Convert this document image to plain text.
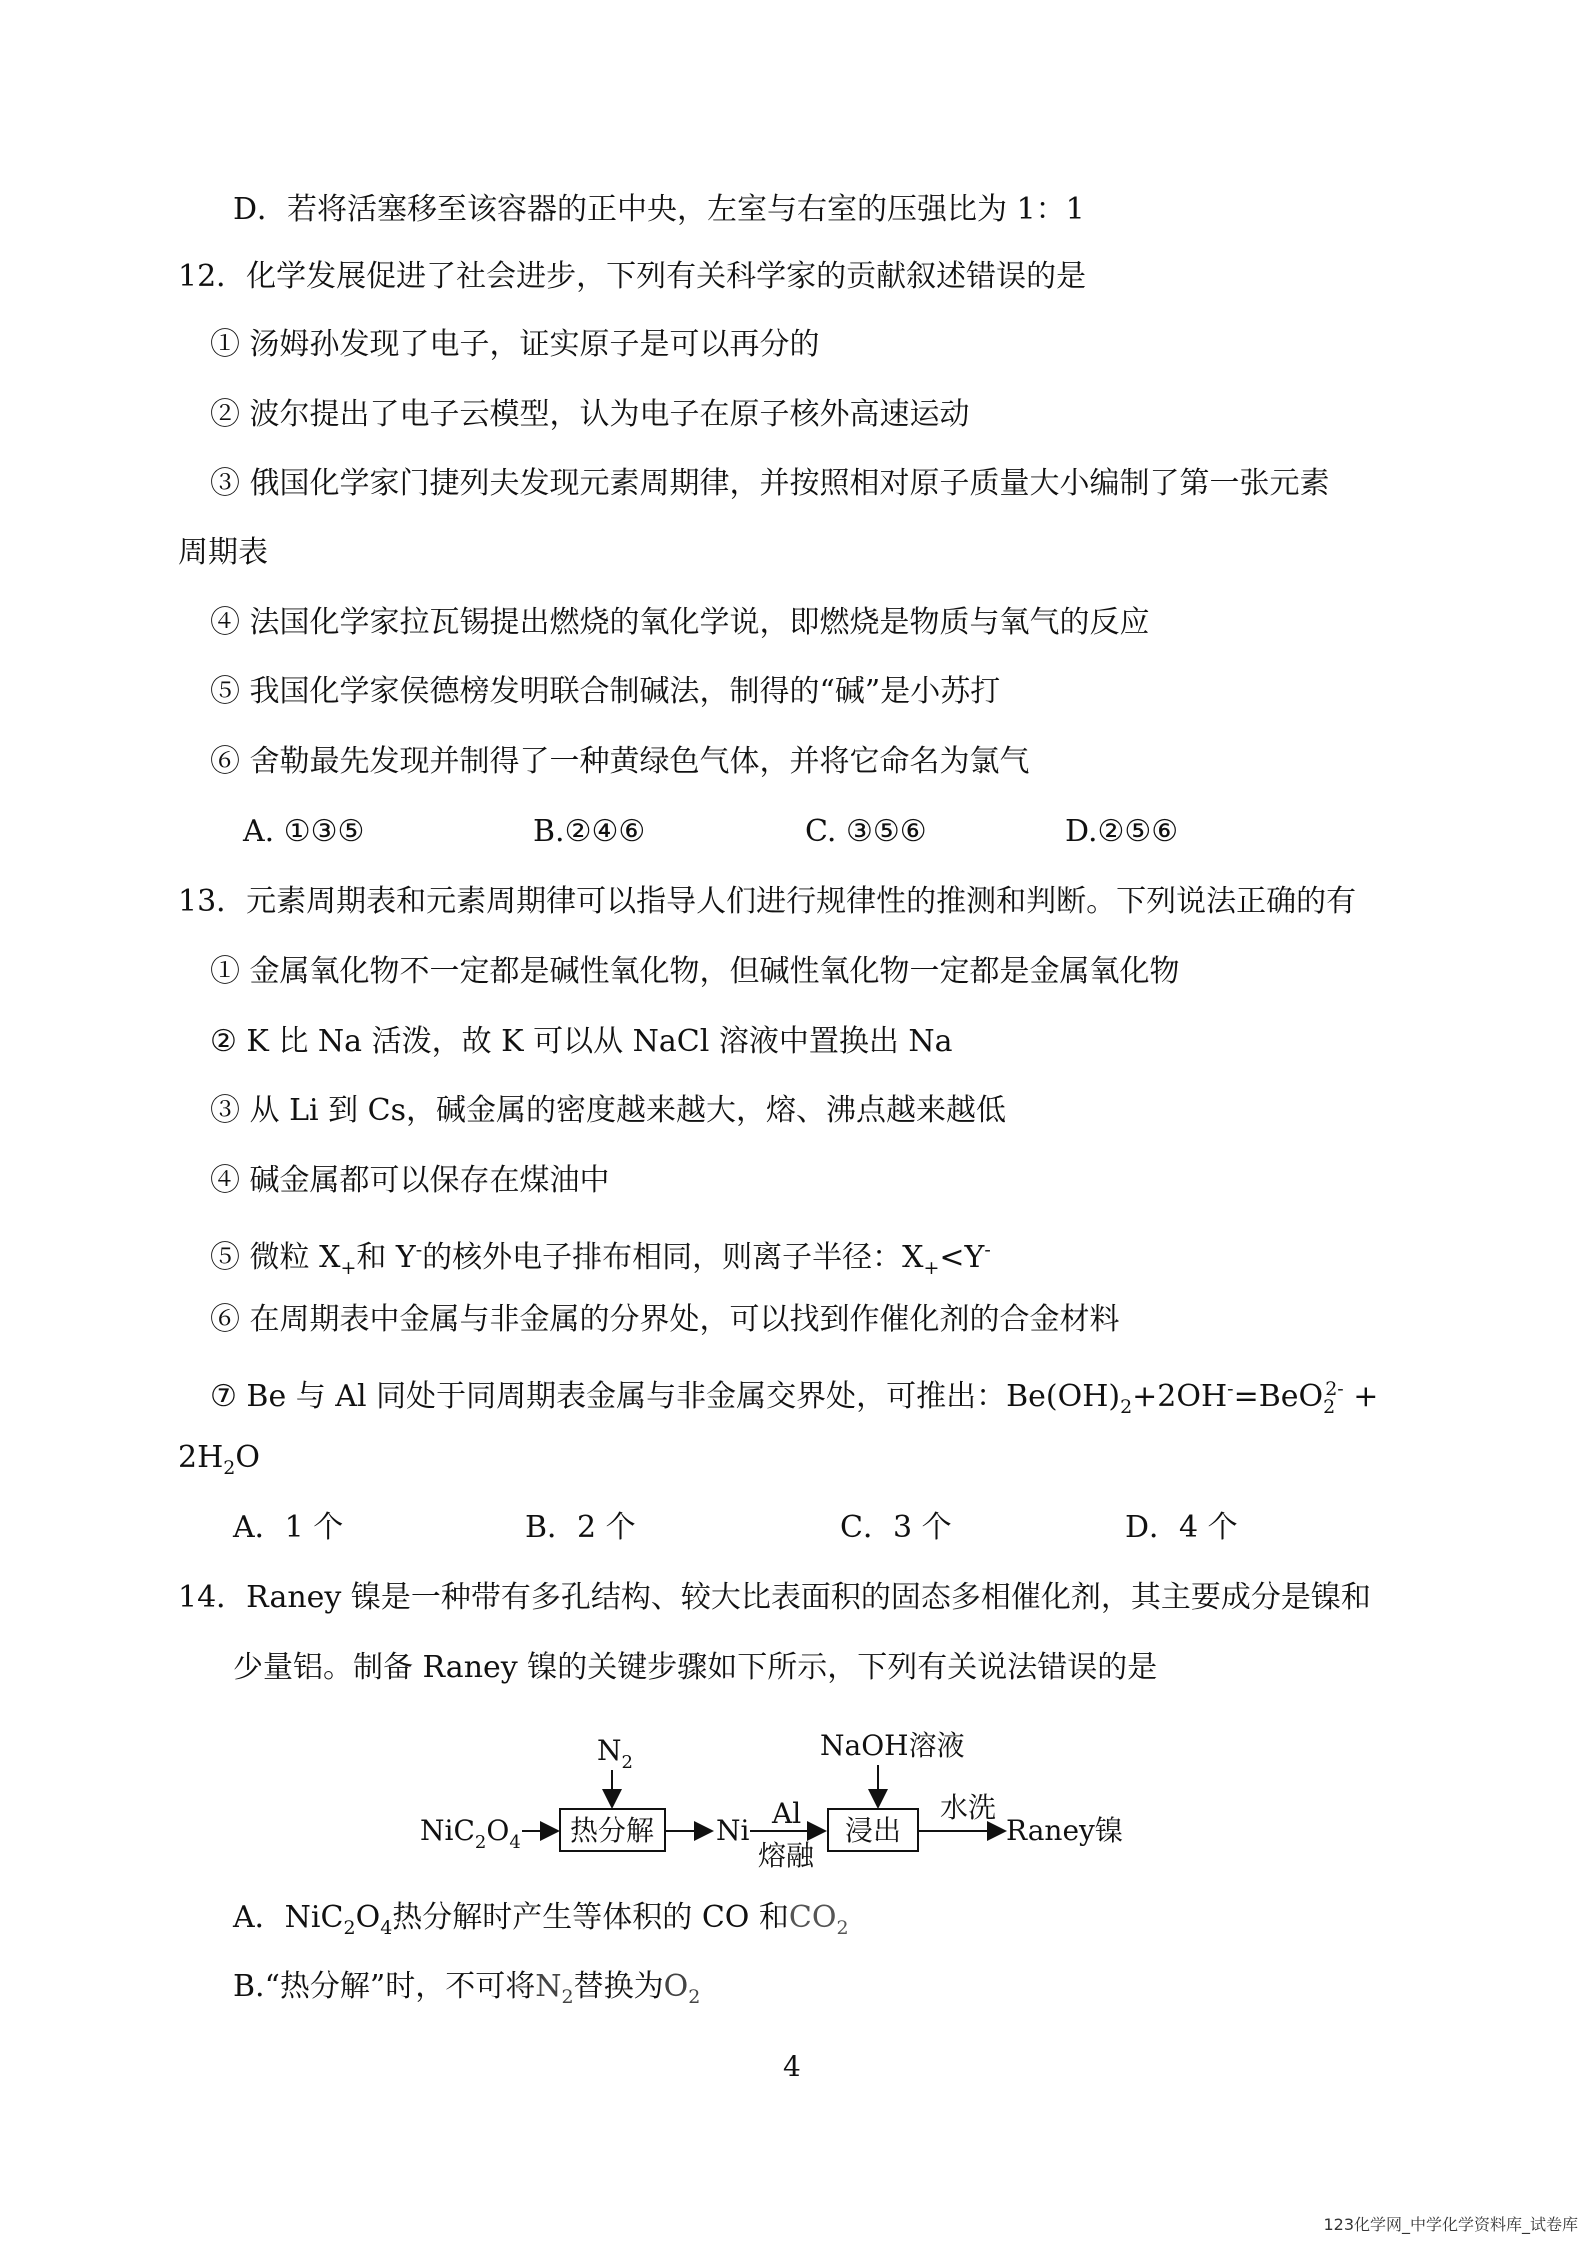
D．若将活塞移至该容器的正中央，左室与右室的压强比为 1：1
12．化学发展促进了社会进步，下列有关科学家的贡献叙述错误的是
① 汤姆孙发现了电子，证实原子是可以再分的
② 波尔提出了电子云模型，认为电子在原子核外高速运动
③ 俄国化学家门捷列夫发现元素周期律，并按照相对原子质量大小编制了第一张元素
周期表
④ 法国化学家拉瓦锡提出燃烧的氧化学说，即燃烧是物质与氧气的反应
⑤ 我国化学家侯德榜发明联合制碱法，制得的“碱”是小苏打
⑥ 舍勒最先发现并制得了一种黄绿色气体，并将它命名为氯气
A. ①③⑤	B.②④⑥	C. ③⑤⑥	D.②⑤⑥
13．元素周期表和元素周期律可以指导人们进行规律性的推测和判断。下列说法正确的有
① 金属氧化物不一定都是碱性氧化物，但碱性氧化物一定都是金属氧化物
② K 比 Na 活泼，故 K 可以从 NaCl 溶液中置换出 Na
③ 从 Li 到 Cs，碱金属的密度越来越大，熔、沸点越来越低
④ 碱金属都可以保存在煤油中
⑤ 微粒 $X_+$和 Y-的核外电子排布相同，则离子半径：$X_+<Y^-$
⑥ 在周期表中金属与非金属的分界处，可以找到作催化剂的合金材料
⑦ Be 与 Al 同处于同周期表金属与非金属交界处，可推出：$Be(OH)_2+2OH^-=BeO_2^{2-}$ +
$2H_2O$
A．1 个	B．2 个	C．3 个	D．4 个
14．Raney 镍是一种带有多孔结构、较大比表面积的固态多相催化剂，其主要成分是镍和
少量铝。制备 Raney 镍的关键步骤如下所示，下列有关说法错误的是
$NiC_2O_4$
$N_2$
热分解 Ni
Al
熔融
NaOH溶液
浸出
水洗
Raney镍
A．$NiC_2O_4$热分解时产生等体积的 CO 和$CO_2$
B.“热分解”时，不可将$N_2$替换为$O_2$
4
123化学网_中学化学资料库_试卷库
